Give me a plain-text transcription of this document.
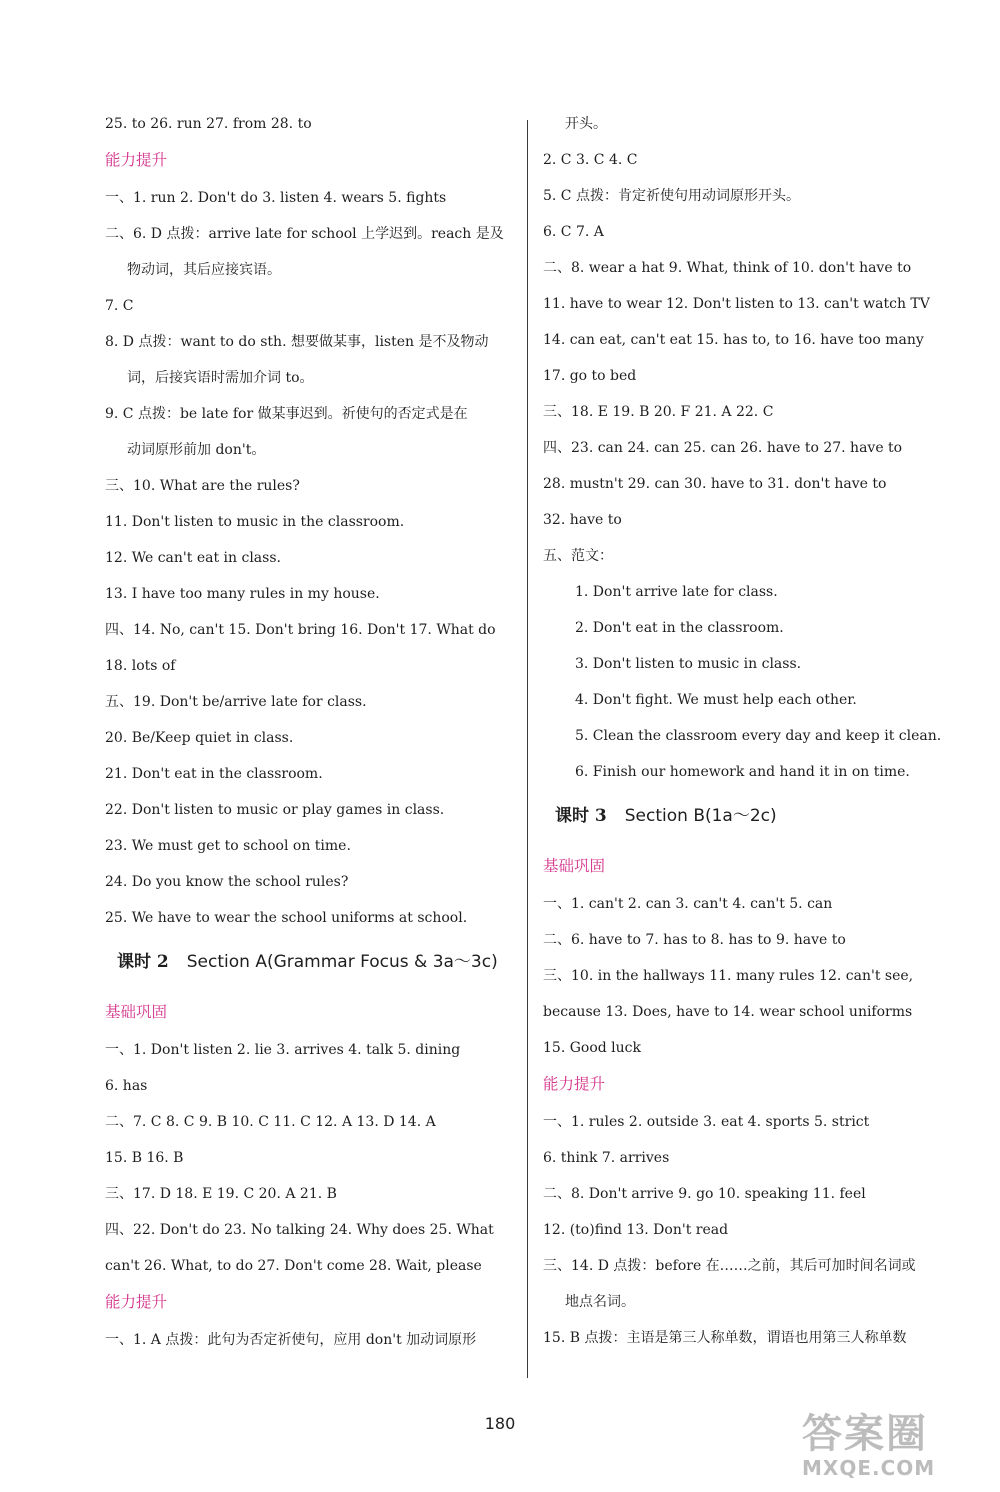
25. to 26. run 27. from 28. to
能力提升
一、1. run 2. Don't do 3. listen 4. wears 5. fights
二、6. D 点拨：arrive late for school 上学迟到。reach 是及
物动词，其后应接宾语。
7. C
8. D 点拨：want to do sth. 想要做某事，listen 是不及物动
词，后接宾语时需加介词 to。
9. C 点拨：be late for 做某事迟到。祈使句的否定式是在
动词原形前加 don't。
三、10. What are the rules?
11. Don't listen to music in the classroom.
12. We can't eat in class.
13. I have too many rules in my house.
四、14. No, can't 15. Don't bring 16. Don't 17. What do
18. lots of
五、19. Don't be/arrive late for class.
20. Be/Keep quiet in class.
21. Don't eat in the classroom.
22. Don't listen to music or play games in class.
23. We must get to school on time.
24. Do you know the school rules?
25. We have to wear the school uniforms at school.
课时 2 Section A(Grammar Focus & 3a～3c)
基础巩固
一、1. Don't listen 2. lie 3. arrives 4. talk 5. dining
6. has
二、7. C 8. C 9. B 10. C 11. C 12. A 13. D 14. A
15. B 16. B
三、17. D 18. E 19. C 20. A 21. B
四、22. Don't do 23. No talking 24. Why does 25. What
can't 26. What, to do 27. Don't come 28. Wait, please
能力提升
一、1. A 点拨：此句为否定祈使句，应用 don't 加动词原形
开头。
2. C 3. C 4. C
5. C 点拨：肯定祈使句用动词原形开头。
6. C 7. A
二、8. wear a hat 9. What, think of 10. don't have to
11. have to wear 12. Don't listen to 13. can't watch TV
14. can eat, can't eat 15. has to, to 16. have too many
17. go to bed
三、18. E 19. B 20. F 21. A 22. C
四、23. can 24. can 25. can 26. have to 27. have to
28. mustn't 29. can 30. have to 31. don't have to
32. have to
五、范文：
1. Don't arrive late for class.
2. Don't eat in the classroom.
3. Don't listen to music in class.
4. Don't fight. We must help each other.
5. Clean the classroom every day and keep it clean.
6. Finish our homework and hand it in on time.
课时 3 Section B(1a～2c)
基础巩固
一、1. can't 2. can 3. can't 4. can't 5. can
二、6. have to 7. has to 8. has to 9. have to
三、10. in the hallways 11. many rules 12. can't see,
because 13. Does, have to 14. wear school uniforms
15. Good luck
能力提升
一、1. rules 2. outside 3. eat 4. sports 5. strict
6. think 7. arrives
二、8. Don't arrive 9. go 10. speaking 11. feel
12. (to)find 13. Don't read
三、14. D 点拨：before 在……之前，其后可加时间名词或
地点名词。
15. B 点拨：主语是第三人称单数，谓语也用第三人称单数
180	答案圈
MXQE.COM
